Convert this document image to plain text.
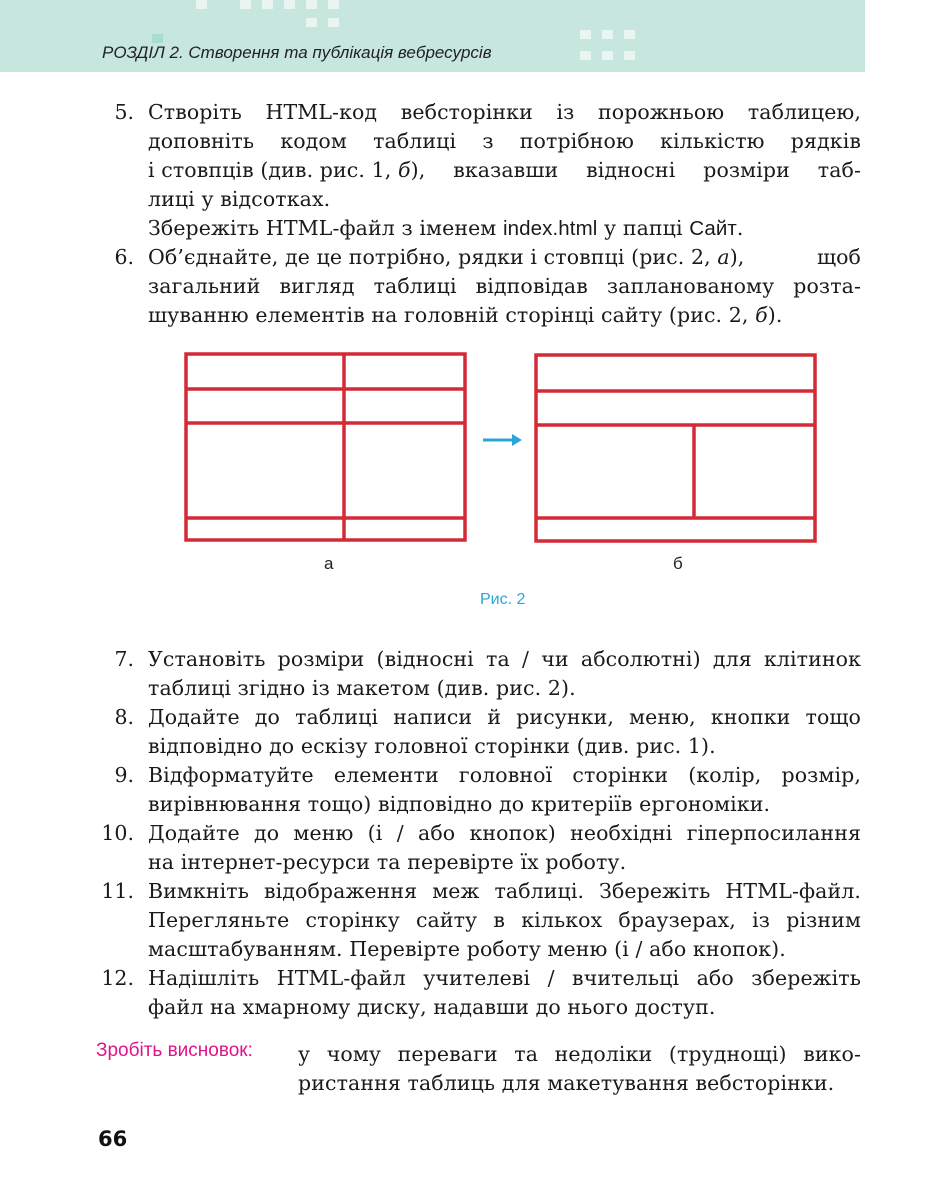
РОЗДІЛ 2. Створення та публікація вебресурсів
5. Створіть HTML-код вебсторінки із порожньою таблицею,
доповніть кодом таблиці з потрібною кількістю рядків
і стовпців (див. рис. 1, б ), вказавши відносні розміри таб-
лиці у відсотках.
Збережіть HTML-файл з іменем index.html у папці Сайт.
6. Об’єднайте, де це потрібно, рядки і стовпці (рис. 2, а ), щоб
загальний вигляд таблиці відповідав запланованому розта-
шуванню елементів на головній сторінці сайту (рис. 2, б ).
а	б
Рис. 2
7. Установіть розміри (відносні та / чи абсолютні) для клітинок
таблиці згідно із макетом (див. рис. 2).
8. Додайте до таблиці написи й рисунки, меню, кнопки тощо
відповідно до ескізу головної сторінки (див. рис. 1).
9. Відформатуйте елементи головної сторінки (колір, розмір,
вирівнювання тощо) відповідно до критеріїв ергономіки.
10. Додайте до меню (і / або кнопок) необхідні гіперпосилання
на інтернет-ресурси та перевірте їх роботу.
11. Вимкніть відображення меж таблиці. Збережіть HTML-файл.
Перегляньте сторінку сайту в кількох браузерах, із різним
масштабуванням. Перевірте роботу меню (і / або кнопок).
12. Надішліть HTML-файл учителеві / вчительці або збережіть
файл на хмарному диску, надавши до нього доступ.
Зробіть висновок: у чому переваги та недоліки (труднощі) вико-
ристання таблиць для макетування вебсторінки.
66
